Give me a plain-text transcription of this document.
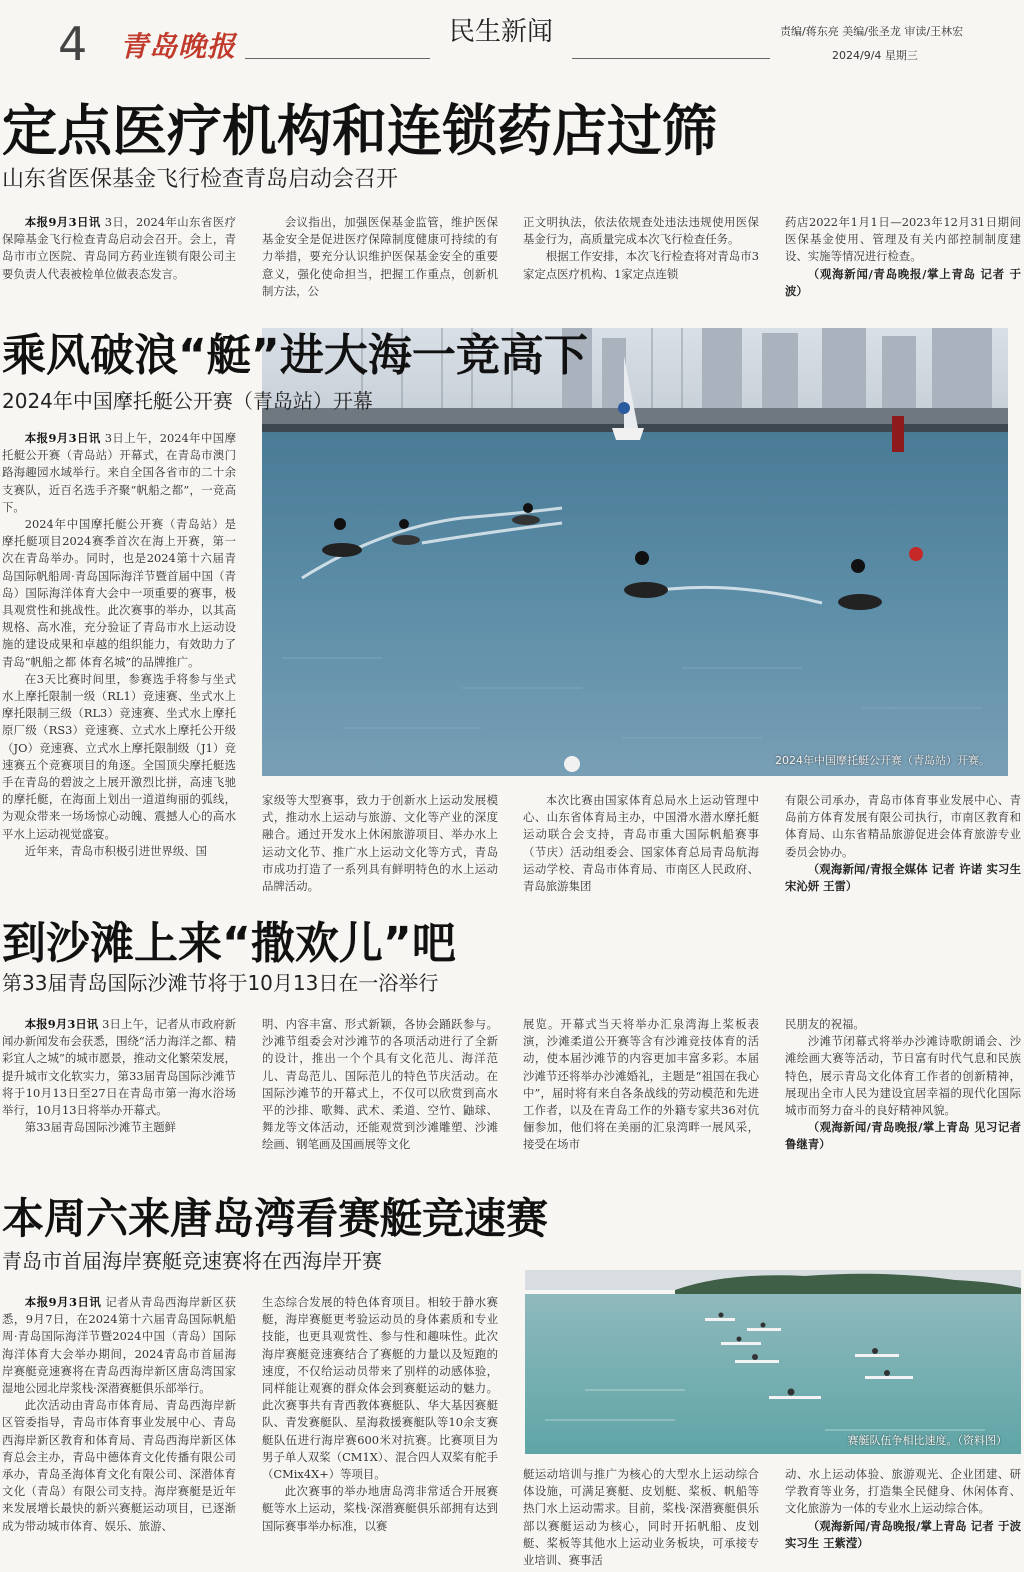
4 青岛晚报	民生新闻	责编/蒋东亮 美编/张圣龙 审读/王林宏
2024/9/4 星期三
定点医疗机构和连锁药店过筛
山东省医保基金飞行检查青岛启动会召开

本报9月3日讯 3日，2024年山东省医疗保障基金飞行检查青岛启动会召开。会上，青岛市市立医院、青岛同方药业连锁有限公司主要负责人代表被检单位做表态发言。

会议指出，加强医保基金监管，维护医保基金安全是促进医疗保障制度健康可持续的有力举措，要充分认识维护医保基金安全的重要意义，强化使命担当，把握工作重点，创新机制方法，公

正文明执法，依法依规查处违法违规使用医保基金行为，高质量完成本次飞行检查任务。

根据工作安排，本次飞行检查将对青岛市3家定点医疗机构、1家定点连锁

药店2022年1月1日—2023年12月31日期间医保基金使用、管理及有关内部控制制度建设、实施等情况进行检查。

（观海新闻/青岛晚报/掌上青岛 记者 于波）

2024年中国摩托艇公开赛（青岛站）开赛。
乘风破浪“艇”进大海一竞高下
2024年中国摩托艇公开赛（青岛站）开幕

本报9月3日讯 3日上午，2024年中国摩托艇公开赛（青岛站）开幕式，在青岛市澳门路海趣园水域举行。来自全国各省市的二十余支赛队，近百名选手齐聚“帆船之都”，一竞高下。

2024年中国摩托艇公开赛（青岛站）是摩托艇项目2024赛季首次在海上开赛，第一次在青岛举办。同时，也是2024第十六届青岛国际帆船周·青岛国际海洋节暨首届中国（青岛）国际海洋体育大会中一项重要的赛事，极具观赏性和挑战性。此次赛事的举办，以其高规格、高水准，充分验证了青岛市水上运动设施的建设成果和卓越的组织能力，有效助力了青岛“帆船之都 体育名城”的品牌推广。

在3天比赛时间里，参赛选手将参与坐式水上摩托限制一级（RL1）竞速赛、坐式水上摩托限制三级（RL3）竞速赛、坐式水上摩托原厂级（RS3）竞速赛、立式水上摩托公开级（JO）竞速赛、立式水上摩托限制级（J1）竞速赛五个竞赛项目的角逐。全国顶尖摩托艇选手在青岛的碧波之上展开激烈比拼，高速飞驰的摩托艇，在海面上划出一道道绚丽的弧线，为观众带来一场场惊心动魄、震撼人心的高水平水上运动视觉盛宴。

近年来，青岛市积极引进世界级、国

家级等大型赛事，致力于创新水上运动发展模式，推动水上运动与旅游、文化等产业的深度融合。通过开发水上休闲旅游项目、举办水上运动文化节、推广水上运动文化等方式，青岛市成功打造了一系列具有鲜明特色的水上运动品牌活动。

本次比赛由国家体育总局水上运动管理中心、山东省体育局主办，中国滑水潜水摩托艇运动联合会支持，青岛市重大国际帆船赛事（节庆）活动组委会、国家体育总局青岛航海运动学校、青岛市体育局、市南区人民政府、青岛旅游集团

有限公司承办，青岛市体育事业发展中心、青岛前方体育发展有限公司执行，市南区教育和体育局、山东省精品旅游促进会体育旅游专业委员会协办。

（观海新闻/青报全媒体 记者 许诺 实习生 宋沁妍 王雷）

到沙滩上来“撒欢儿”吧
第33届青岛国际沙滩节将于10月13日在一浴举行

本报9月3日讯 3日上午，记者从市政府新闻办新闻发布会获悉，围绕“活力海洋之都、精彩宜人之城”的城市愿景，推动文化繁荣发展，提升城市文化软实力，第33届青岛国际沙滩节将于10月13日至27日在青岛市第一海水浴场举行，10月13日将举办开幕式。

第33届青岛国际沙滩节主题鲜

明、内容丰富、形式新颖，各协会踊跃参与。沙滩节组委会对沙滩节的各项活动进行了全新的设计，推出一个个具有文化范儿、海洋范儿、青岛范儿、国际范儿的特色节庆活动。在国际沙滩节的开幕式上，不仅可以欣赏到高水平的沙排、歌舞、武术、柔道、空竹、鼬球、舞龙等文体活动，还能观赏到沙滩雕塑、沙滩绘画、钢笔画及国画展等文化

展览。开幕式当天将举办汇泉湾海上桨板表演，沙滩柔道公开赛等含有沙滩竞技体育的活动，使本届沙滩节的内容更加丰富多彩。本届沙滩节还将举办沙滩婚礼，主题是“祖国在我心中”，届时将有来自各条战线的劳动模范和先进工作者，以及在青岛工作的外籍专家共36对伉俪参加，他们将在美丽的汇泉湾畔一展风采，接受在场市

民朋友的祝福。

沙滩节闭幕式将举办沙滩诗歌朗诵会、沙滩绘画大赛等活动，节日富有时代气息和民族特色，展示青岛文化体育工作者的创新精神，展现出全市人民为建设宜居幸福的现代化国际城市而努力奋斗的良好精神风貌。

（观海新闻/青岛晚报/掌上青岛 见习记者 鲁继青）

本周六来唐岛湾看赛艇竞速赛
青岛市首届海岸赛艇竞速赛将在西海岸开赛
赛艇队伍争相比速度。（资料图）

本报9月3日讯 记者从青岛西海岸新区获悉，9月7日，在2024第十六届青岛国际帆船周·青岛国际海洋节暨2024中国（青岛）国际海洋体育大会举办期间，2024青岛市首届海岸赛艇竞速赛将在青岛西海岸新区唐岛湾国家湿地公园北岸浆栈·深潜赛艇俱乐部举行。

此次活动由青岛市体育局、青岛西海岸新区管委指导，青岛市体育事业发展中心、青岛西海岸新区教育和体育局、青岛西海岸新区体育总会主办，青岛中德体育文化传播有限公司承办，青岛圣海体育文化有限公司、深潜体育文化（青岛）有限公司支持。海岸赛艇是近年来发展增长最快的新兴赛艇运动项目，已逐渐成为带动城市体育、娱乐、旅游、

生态综合发展的特色体育项目。相较于静水赛艇，海岸赛艇更考验运动员的身体素质和专业技能，也更具观赏性、参与性和趣味性。此次海岸赛艇竞速赛结合了赛艇的力量以及短跑的速度，不仅给运动员带来了别样的动感体验，同样能让观赛的群众体会到赛艇运动的魅力。此次赛事共有青西教体赛艇队、华大基因赛艇队、青发赛艇队、星海救援赛艇队等10余支赛艇队伍进行海岸赛600米对抗赛。比赛项目为男子单人双桨（CM1X）、混合四人双桨有舵手（CMix4X+）等项目。

此次赛事的举办地唐岛湾非常适合开展赛艇等水上运动，桨栈·深潜赛艇俱乐部拥有达到国际赛事举办标准，以赛

艇运动培训与推广为核心的大型水上运动综合体设施，可满足赛艇、皮划艇、桨板、帆船等热门水上运动需求。目前，桨栈·深潜赛艇俱乐部以赛艇运动为核心，同时开拓帆船、皮划艇、桨板等其他水上运动业务板块，可承接专业培训、赛事活

动、水上运动体验、旅游观光、企业团建、研学教育等业务，打造集全民健身、休闲体育、文化旅游为一体的专业水上运动综合体。

（观海新闻/青岛晚报/掌上青岛 记者 于波 实习生 王紫滢）
